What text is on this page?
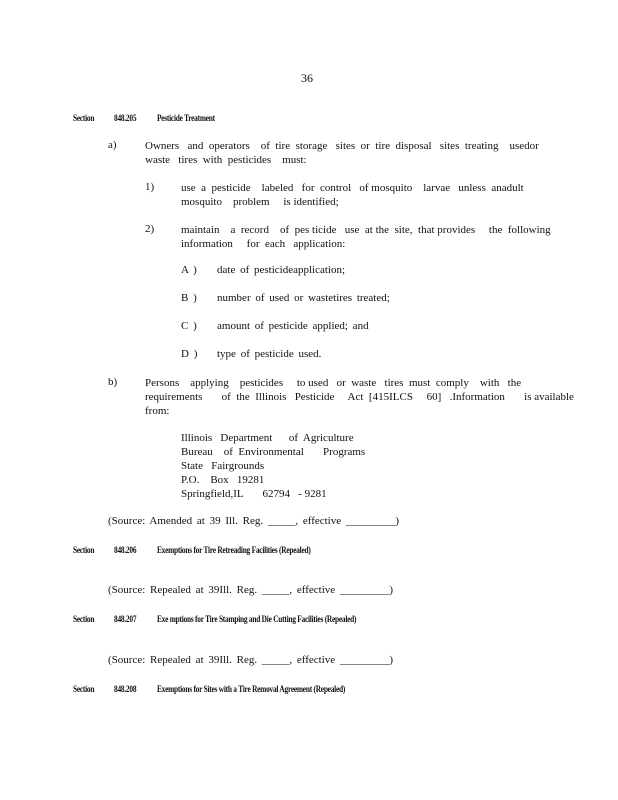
36
Section 848.205 Pesticide Treatment
a)	Owners   and  operators    of  tire  storage   sites  or  tire  disposal   sites  treating    usedor
waste   tires  with  pesticides    must:
1) use  a  pesticide    labeled   for  control   of mosquito    larvae   unless  anadult
mosquito    problem     is identified;
2) maintain    a  record    of  pes ticide   use  at the  site,  that provides     the  following
information     for  each   application:
A ) date of pesticideapplication;
B ) number of used or wastetires treated;
C ) amount of pesticide applied; and
D ) type of pesticide used.
b)	Persons    applying    pesticides     to used   or  waste   tires  must  comply    with   the
requirements       of  the  Illinois   Pesticide     Act  [415ILCS     60]   .Information       is available
from:
Illinois   Department      of  Agriculture
Bureau    of  Environmental       Programs
State   Fairgrounds
P.O.    Box   19281
Springfield,IL       62794   - 9281
(Source: Amended at 39 Ill. Reg. _____, effective _________)
Section 848.206 Exemptions for Tire Retreading Facilities (Repealed)
(Source: Repealed at 39Ill. Reg. _____, effective _________)
Section 848.207 Exe mptions for Tire Stamping and Die Cutting Facilities (Repealed)
(Source: Repealed at 39Ill. Reg. _____, effective _________)
Section 848.208 Exemptions for Sites with a Tire Removal Agreement (Repealed)
